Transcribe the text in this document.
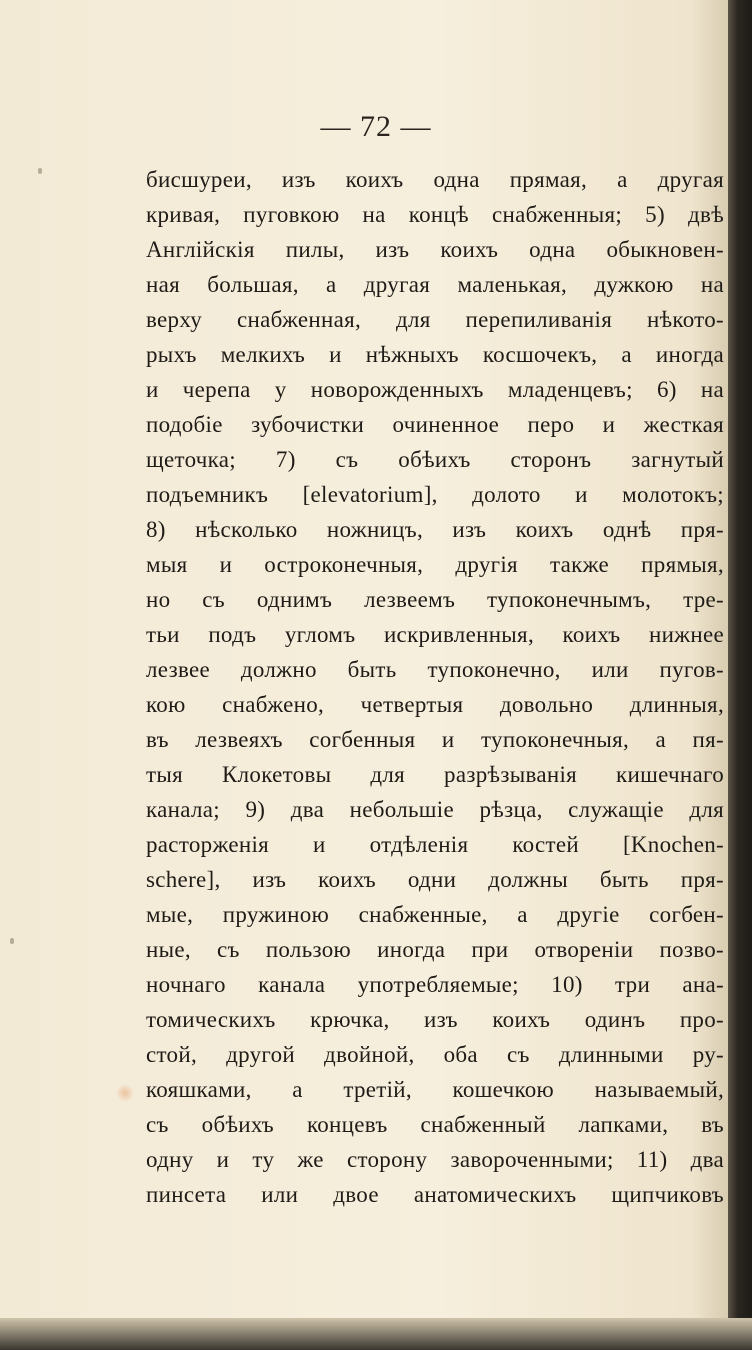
— 72 —
бисшуреи, изъ коихъ одна прямая, а другая
кривая, пуговкою на концѣ снабженныя; 5) двѣ
Англійскія пилы, изъ коихъ одна обыкновен-
ная большая, а другая маленькая, дужкою на
верху снабженная, для перепиливанія нѣкото-
рыхъ мелкихъ и нѣжныхъ косшочекъ, а иногда
и черепа у новорожденныхъ младенцевъ; 6) на
подобіе зубочистки очиненное перо и жесткая
щеточка; 7) съ обѣихъ сторонъ загнутый
подъемникъ [elevatorium], долото и молотокъ;
8) нѣсколько ножницъ, изъ коихъ однѣ пря-
мыя и остроконечныя, другія также прямыя,
но съ однимъ лезвеемъ тупоконечнымъ, тре-
тьи подъ угломъ искривленныя, коихъ нижнее
лезвее должно быть тупоконечно, или пугов-
кою снабжено, четвертыя довольно длинныя,
въ лезвеяхъ согбенныя и тупоконечныя, а пя-
тыя Клокетовы для разрѣзыванія кишечнаго
канала; 9) два небольшіе рѣзца, служащіе для
расторженія и отдѣленія костей [Knochen-
schere], изъ коихъ одни должны быть пря-
мые, пружиною снабженные, а другіе согбен-
ные, съ пользою иногда при отвореніи позво-
ночнаго канала употребляемые; 10) три ана-
томическихъ крючка, изъ коихъ одинъ про-
стой, другой двойной, оба съ длинными ру-
кояшками, а третій, кошечкою называемый,
съ обѣихъ концевъ снабженный лапками, въ
одну и ту же сторону завороченными; 11) два
пинсета или двое анатомическихъ щипчиковъ
